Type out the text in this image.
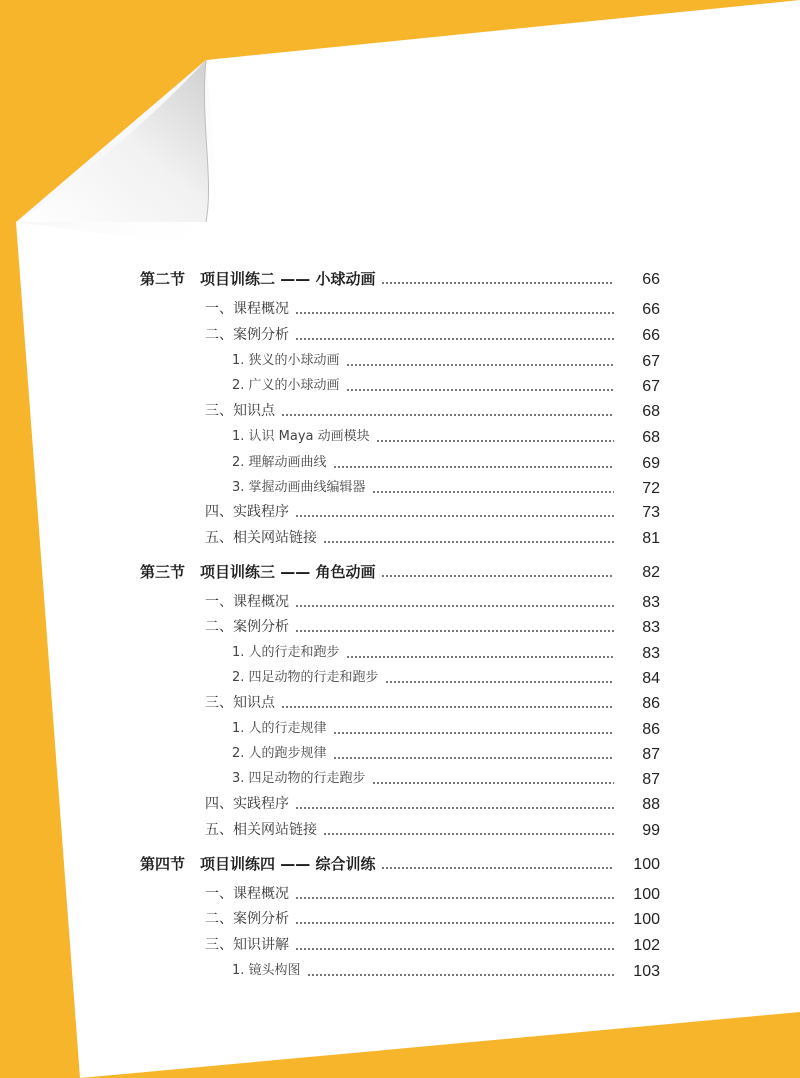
第二节　项目训练二 —— 小球动画	66
一、课程概况	66
二、案例分析	66
1. 狭义的小球动画	67
2. 广义的小球动画	67
三、知识点	68
1. 认识 Maya 动画模块	68
2. 理解动画曲线	69
3. 掌握动画曲线编辑器	72
四、实践程序	73
五、相关网站链接	81
第三节　项目训练三 —— 角色动画	82
一、课程概况	83
二、案例分析	83
1. 人的行走和跑步	83
2. 四足动物的行走和跑步	84
三、知识点	86
1. 人的行走规律	86
2. 人的跑步规律	87
3. 四足动物的行走跑步	87
四、实践程序	88
五、相关网站链接	99
第四节　项目训练四 —— 综合训练	100
一、课程概况	100
二、案例分析	100
三、知识讲解	102
1. 镜头构图	103
